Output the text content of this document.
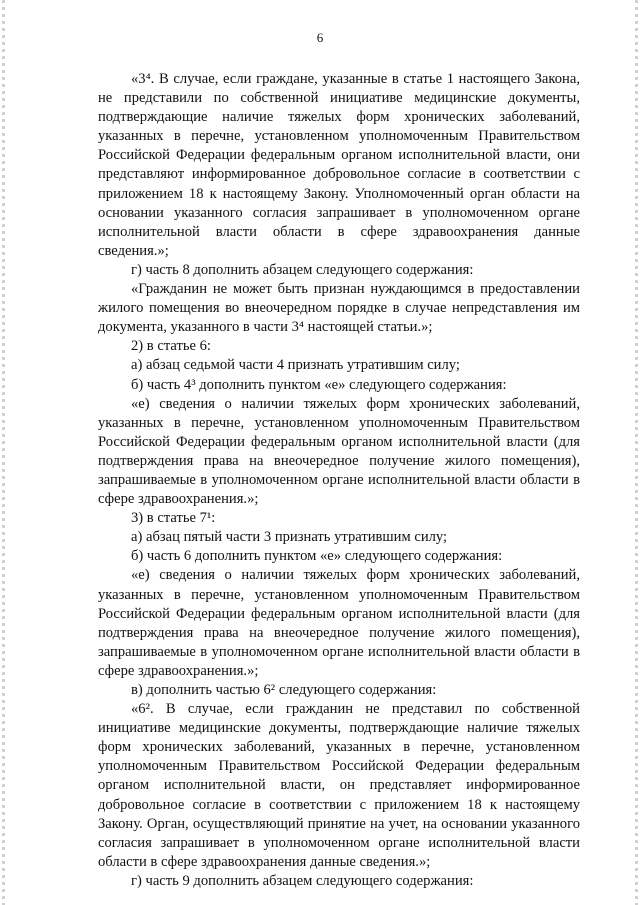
6

«3⁴. В случае, если граждане, указанные в статье 1 настоящего Закона, не представили по собственной инициативе медицинские документы, подтверждающие наличие тяжелых форм хронических заболеваний, указанных в перечне, установленном уполномоченным Правительством Российской Федерации федеральным органом исполнительной власти, они представляют информированное добровольное согласие в соответствии с приложением 18 к настоящему Закону. Уполномоченный орган области на основании указанного согласия запрашивает в уполномоченном органе исполнительной власти области в сфере здравоохранения данные сведения.»;

г) часть 8 дополнить абзацем следующего содержания:

«Гражданин не может быть признан нуждающимся в предоставлении жилого помещения во внеочередном порядке в случае непредставления им документа, указанного в части 3⁴ настоящей статьи.»;

2) в статье 6:

а) абзац седьмой части 4 признать утратившим силу;

б) часть 4³ дополнить пунктом «е» следующего содержания:

«е) сведения о наличии тяжелых форм хронических заболеваний, указанных в перечне, установленном уполномоченным Правительством Российской Федерации федеральным органом исполнительной власти (для подтверждения права на внеочередное получение жилого помещения), запрашиваемые в уполномоченном органе исполнительной власти области в сфере здравоохранения.»;

3) в статье 7¹:

а) абзац пятый части 3 признать утратившим силу;

б) часть 6 дополнить пунктом «е» следующего содержания:

«е) сведения о наличии тяжелых форм хронических заболеваний, указанных в перечне, установленном уполномоченным Правительством Российской Федерации федеральным органом исполнительной власти (для подтверждения права на внеочередное получение жилого помещения), запрашиваемые в уполномоченном органе исполнительной власти области в сфере здравоохранения.»;

в) дополнить частью 6² следующего содержания:

«6². В случае, если гражданин не представил по собственной инициативе медицинские документы, подтверждающие наличие тяжелых форм хронических заболеваний, указанных в перечне, установленном уполномоченным Правительством Российской Федерации федеральным органом исполнительной власти, он представляет информированное добровольное согласие в соответствии с приложением 18 к настоящему Закону. Орган, осуществляющий принятие на учет, на основании указанного согласия запрашивает в уполномоченном органе исполнительной власти области в сфере здравоохранения данные сведения.»;

г) часть 9 дополнить абзацем следующего содержания:
